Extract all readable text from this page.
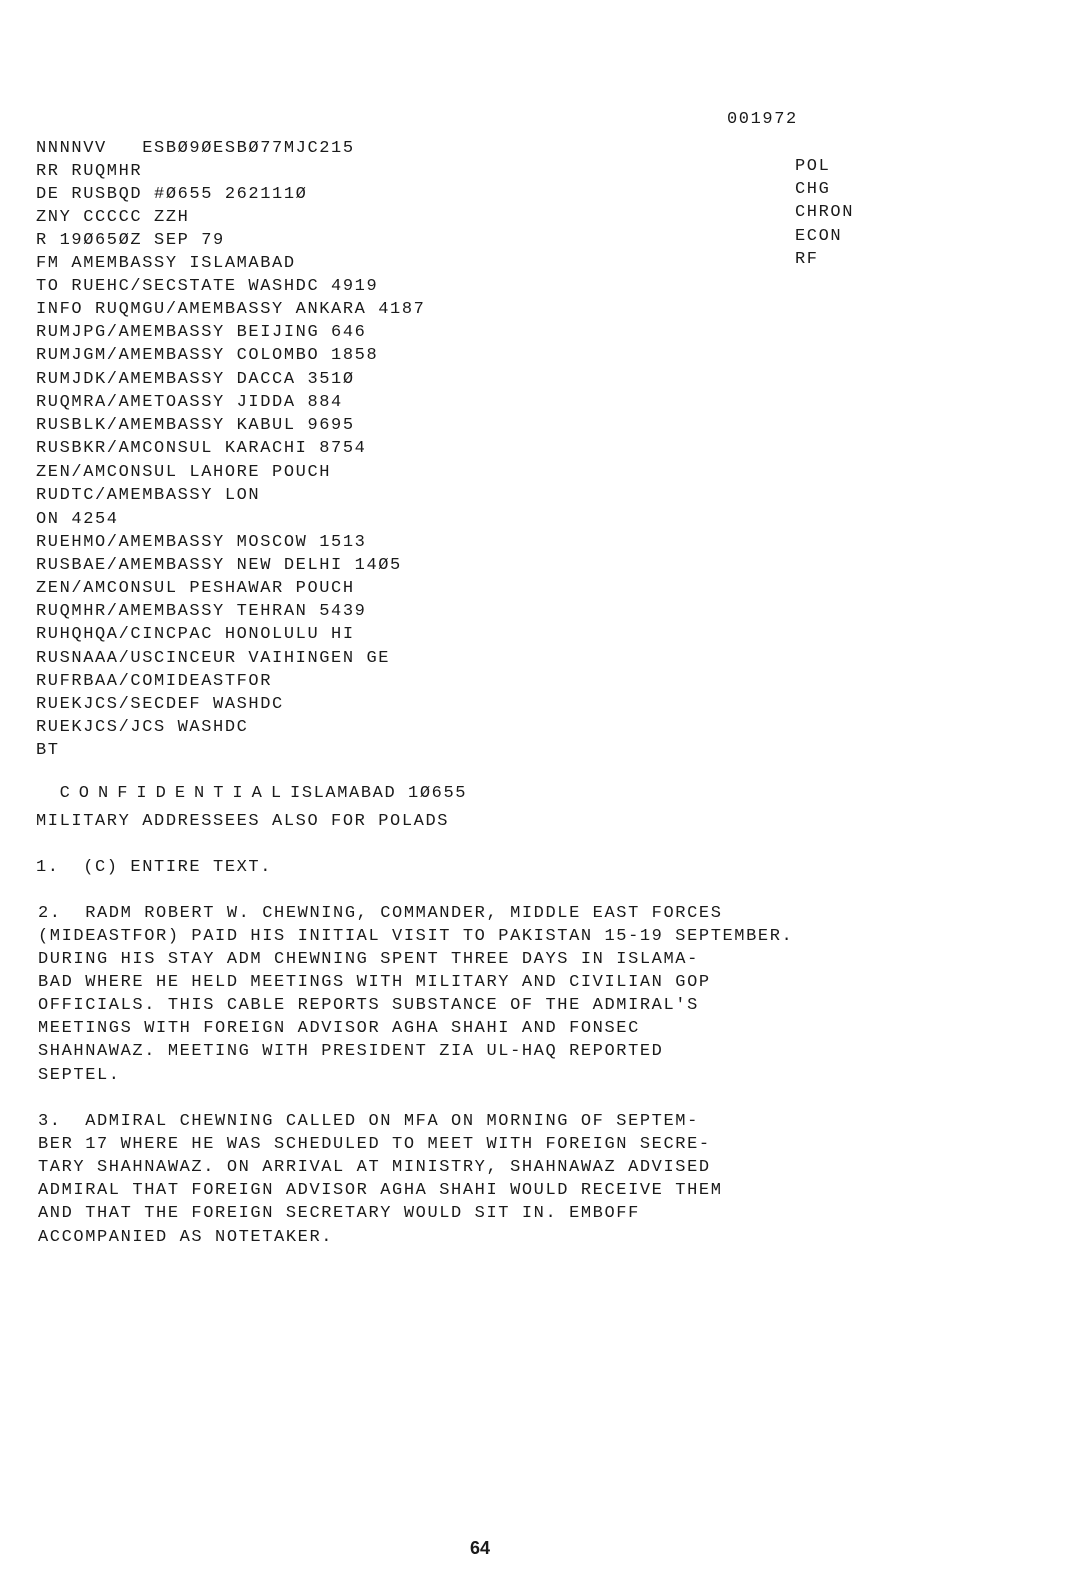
001972
NNNNVV   ESBØ9ØESBØ77MJC215
RR RUQMHR
DE RUSBQD #Ø655 262111Ø
ZNY CCCCC ZZH
R 19Ø65ØZ SEP 79
FM AMEMBASSY ISLAMABAD
TO RUEHC/SECSTATE WASHDC 4919
INFO RUQMGU/AMEMBASSY ANKARA 4187
RUMJPG/AMEMBASSY BEIJING 646
RUMJGM/AMEMBASSY COLOMBO 1858
RUMJDK/AMEMBASSY DACCA 351Ø
RUQMRA/AMETOASSY JIDDA 884
RUSBLK/AMEMBASSY KABUL 9695
RUSBKR/AMCONSUL KARACHI 8754
ZEN/AMCONSUL LAHORE POUCH
RUDTC/AMEMBASSY LON
ON 4254
RUEHMO/AMEMBASSY MOSCOW 1513
RUSBAE/AMEMBASSY NEW DELHI 14Ø5
ZEN/AMCONSUL PESHAWAR POUCH
RUQMHR/AMEMBASSY TEHRAN 5439
RUHQHQA/CINCPAC HONOLULU HI
RUSNAAA/USCINCEUR VAIHINGEN GE
RUFRBAA/COMIDEASTFOR
RUEKJCS/SECDEF WASHDC
RUEKJCS/JCS WASHDC
BT
POL
CHG
CHRON
ECON
RF

CONFIDENTIALISLAMABAD 1Ø655

MILITARY ADDRESSEES ALSO FOR POLADS
1.  (C) ENTIRE TEXT.
2.  RADM ROBERT W. CHEWNING, COMMANDER, MIDDLE EAST FORCES
(MIDEASTFOR) PAID HIS INITIAL VISIT TO PAKISTAN 15-19 SEPTEMBER.
DURING HIS STAY ADM CHEWNING SPENT THREE DAYS IN ISLAMA-
BAD WHERE HE HELD MEETINGS WITH MILITARY AND CIVILIAN GOP
OFFICIALS. THIS CABLE REPORTS SUBSTANCE OF THE ADMIRAL'S
MEETINGS WITH FOREIGN ADVISOR AGHA SHAHI AND FONSEC
SHAHNAWAZ. MEETING WITH PRESIDENT ZIA UL-HAQ REPORTED
SEPTEL.
3.  ADMIRAL CHEWNING CALLED ON MFA ON MORNING OF SEPTEM-
BER 17 WHERE HE WAS SCHEDULED TO MEET WITH FOREIGN SECRE-
TARY SHAHNAWAZ. ON ARRIVAL AT MINISTRY, SHAHNAWAZ ADVISED
ADMIRAL THAT FOREIGN ADVISOR AGHA SHAHI WOULD RECEIVE THEM
AND THAT THE FOREIGN SECRETARY WOULD SIT IN. EMBOFF
ACCOMPANIED AS NOTETAKER.
64
